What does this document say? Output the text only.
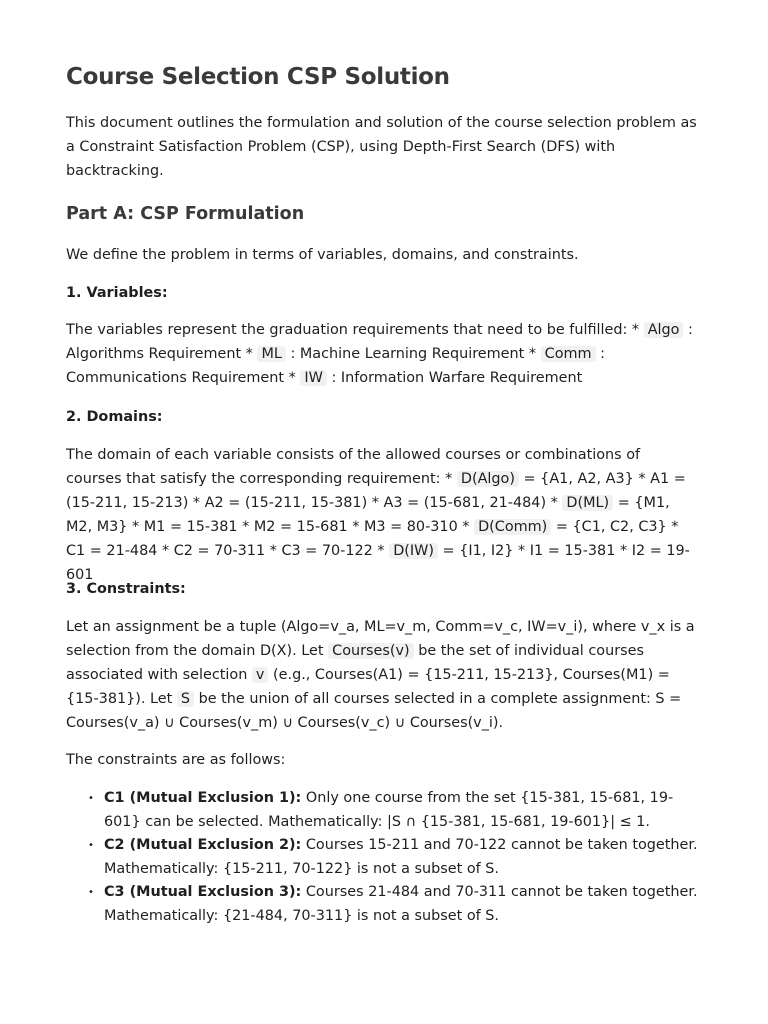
Course Selection CSP Solution

This document outlines the formulation and solution of the course selection problem as a Constraint Satisfaction Problem (CSP), using Depth-First Search (DFS) with backtracking.

Part A: CSP Formulation

We define the problem in terms of variables, domains, and constraints.

1. Variables:

The variables represent the graduation requirements that need to be fulfilled: * Algo : Algorithms Requirement * ML : Machine Learning Requirement * Comm : Communications Requirement * IW : Information Warfare Requirement

2. Domains:

The domain of each variable consists of the allowed courses or combinations of courses that satisfy the corresponding requirement: * D(Algo) = {A1, A2, A3} * A1 = (15-211, 15-213) * A2 = (15-211, 15-381) * A3 = (15-681, 21-484) * D(ML) = {M1, M2, M3} * M1 = 15-381 * M2 = 15-681 * M3 = 80-310 * D(Comm) = {C1, C2, C3} * C1 = 21-484 * C2 = 70-311 * C3 = 70-122 * D(IW) = {I1, I2} * I1 = 15-381 * I2 = 19-601

3. Constraints:

Let an assignment be a tuple (Algo=v_a, ML=v_m, Comm=v_c, IW=v_i), where v_x is a selection from the domain D(X). Let Courses(v) be the set of individual courses associated with selection v (e.g., Courses(A1) = {15-211, 15-213}, Courses(M1) = {15-381}). Let S be the union of all courses selected in a complete assignment: S = Courses(v_a) ∪ Courses(v_m) ∪ Courses(v_c) ∪ Courses(v_i).

The constraints are as follows:

• C1 (Mutual Exclusion 1): Only one course from the set {15-381, 15-681, 19-601} can be selected. Mathematically: |S ∩ {15-381, 15-681, 19-601}| ≤ 1.
• C2 (Mutual Exclusion 2): Courses 15-211 and 70-122 cannot be taken together. Mathematically: {15-211, 70-122} is not a subset of S.
• C3 (Mutual Exclusion 3): Courses 21-484 and 70-311 cannot be taken together. Mathematically: {21-484, 70-311} is not a subset of S.
